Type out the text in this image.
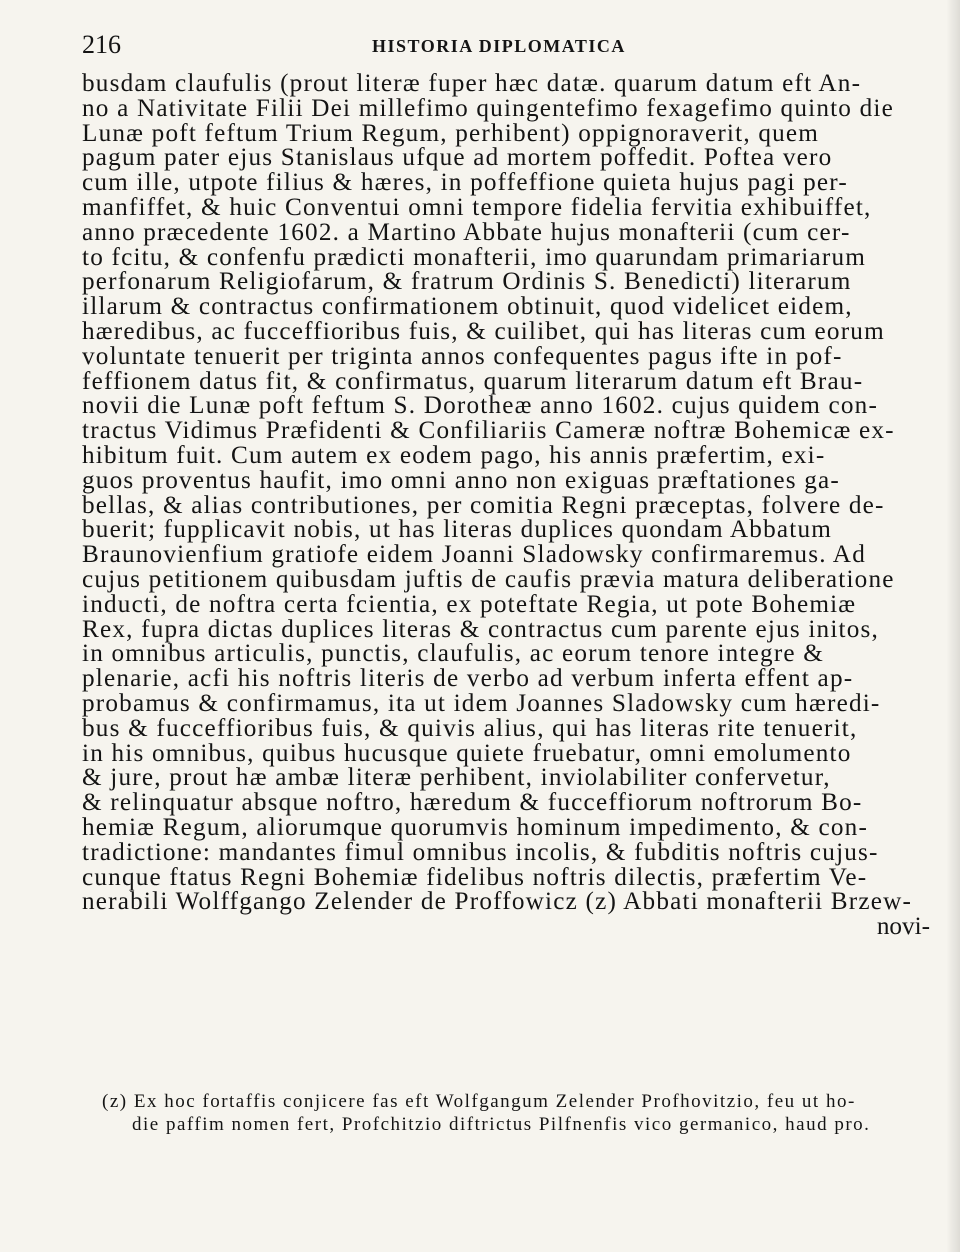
216	HISTORIA DIPLOMATICA
busdam claufulis (prout literæ fuper hæc datæ. quarum datum eft An-
no a Nativitate Filii Dei millefimo quingentefimo fexagefimo quinto die
Lunæ poft feftum Trium Regum, perhibent) oppignoraverit, quem
pagum pater ejus Stanislaus ufque ad mortem poffedit. Poftea vero
cum ille, utpote filius & hæres, in poffeffione quieta hujus pagi per-
manfiffet, & huic Conventui omni tempore fidelia fervitia exhibuiffet,
anno præcedente 1602. a Martino Abbate hujus monafterii (cum cer-
to fcitu, & confenfu prædicti monafterii, imo quarundam primariarum
perfonarum Religiofarum, & fratrum Ordinis S. Benedicti) literarum
illarum & contractus confirmationem obtinuit, quod videlicet eidem,
hæredibus, ac fucceffioribus fuis, & cuilibet, qui has literas cum eorum
voluntate tenuerit per triginta annos confequentes pagus ifte in pof-
feffionem datus fit, & confirmatus, quarum literarum datum eft Brau-
novii die Lunæ poft feftum S. Dorotheæ anno 1602. cujus quidem con-
tractus Vidimus Præfidenti & Confiliariis Cameræ noftræ Bohemicæ ex-
hibitum fuit. Cum autem ex eodem pago, his annis præfertim, exi-
guos proventus haufit, imo omni anno non exiguas præftationes ga-
bellas, & alias contributiones, per comitia Regni præceptas, folvere de-
buerit; fupplicavit nobis, ut has literas duplices quondam Abbatum
Braunovienfium gratiofe eidem Joanni Sladowsky confirmaremus. Ad
cujus petitionem quibusdam juftis de caufis prævia matura deliberatione
inducti, de noftra certa fcientia, ex poteftate Regia, ut pote Bohemiæ
Rex, fupra dictas duplices literas & contractus cum parente ejus initos,
in omnibus articulis, punctis, claufulis, ac eorum tenore integre &
plenarie, acfi his noftris literis de verbo ad verbum inferta effent ap-
probamus & confirmamus, ita ut idem Joannes Sladowsky cum hæredi-
bus & fucceffioribus fuis, & quivis alius, qui has literas rite tenuerit,
in his omnibus, quibus hucusque quiete fruebatur, omni emolumento
& jure, prout hæ ambæ literæ perhibent, inviolabiliter confervetur,
& relinquatur absque noftro, hæredum & fucceffiorum noftrorum Bo-
hemiæ Regum, aliorumque quorumvis hominum impedimento, & con-
tradictione: mandantes fimul omnibus incolis, & fubditis noftris cujus-
cunque ftatus Regni Bohemiæ fidelibus noftris dilectis, præfertim Ve-
nerabili Wolffgango Zelender de Proffowicz (z) Abbati monafterii Brzew-
novi-
(z) Ex hoc fortaffis conjicere fas eft Wolfgangum Zelender Profhovitzio, feu ut ho-
die paffim nomen fert, Profchitzio diftrictus Pilfnenfis vico germanico, haud pro.
